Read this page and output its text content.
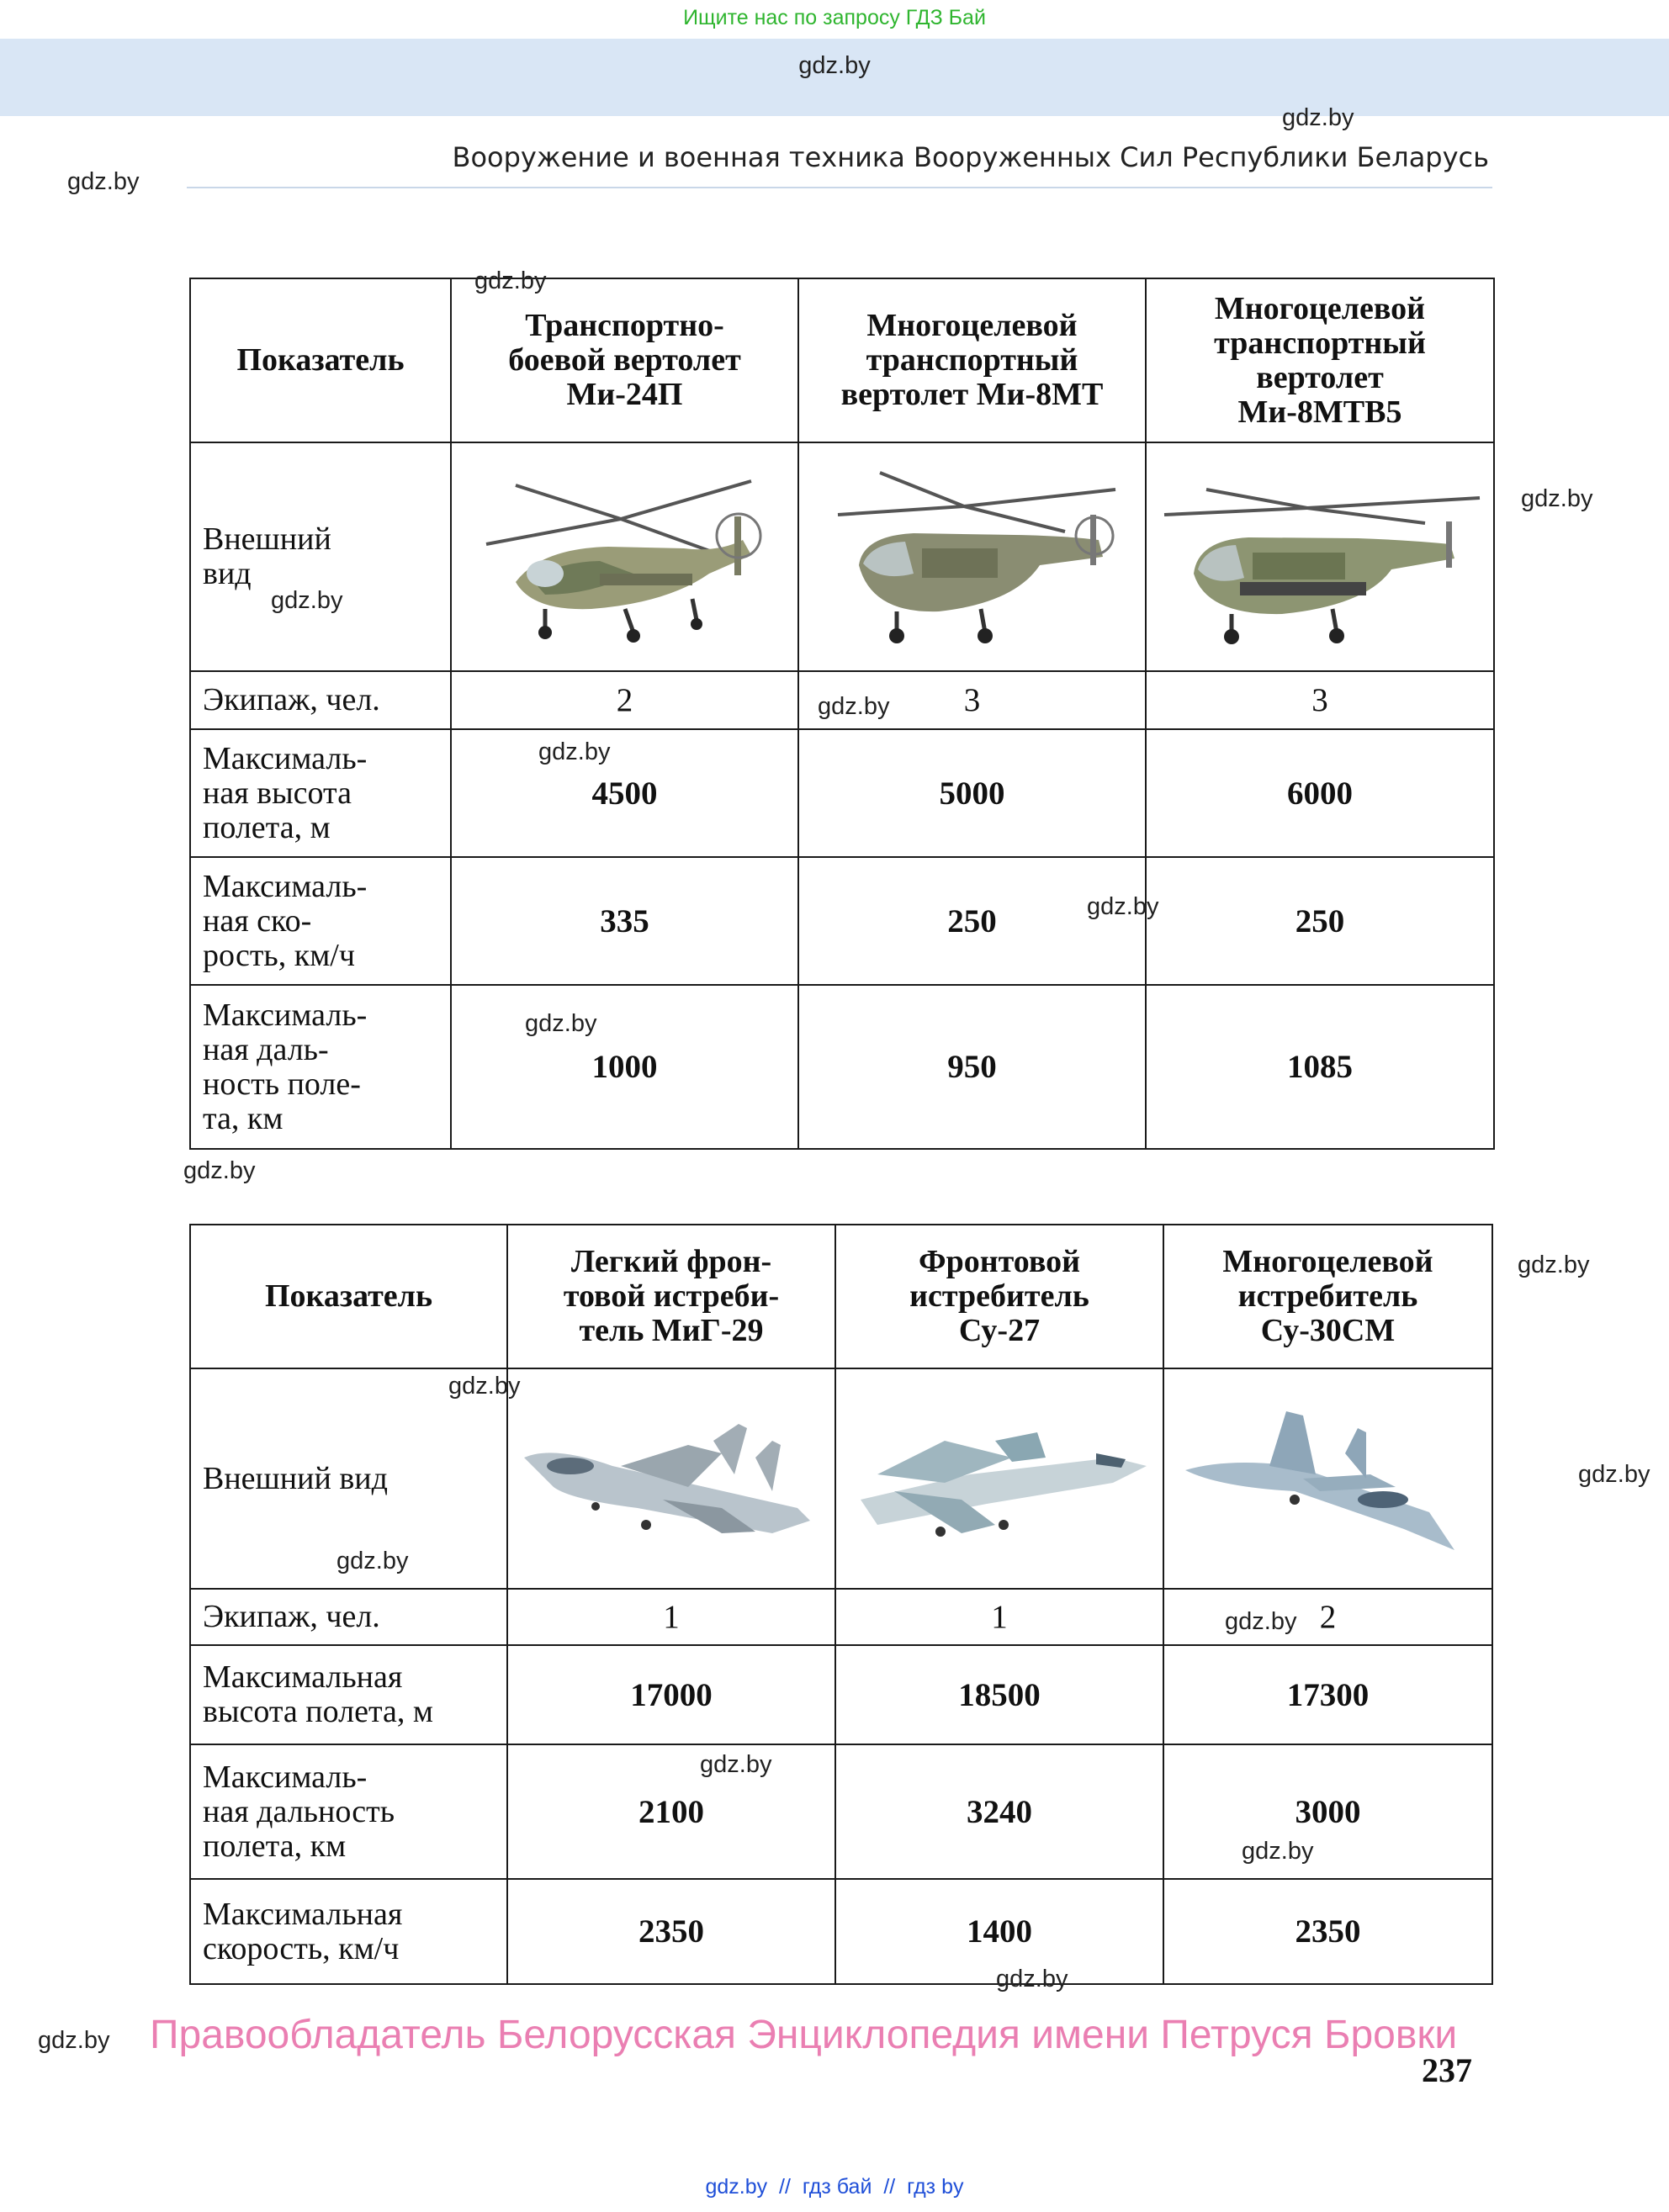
Ищите нас по запросу ГДЗ Бай
gdz.by
gdz.by
gdz.by
Вооружение и военная техника Вооруженных Сил Республики Беларусь
Показатель	Транспортно-
боевой вертолет
Ми-24П	Многоцелевой
транспортный
вертолет Ми-8МТ	Многоцелевой
транспортный
вертолет
Ми-8МТВ5
Внешний
вид	

Экипаж, чел.	2	3	3
Максималь-
ная высота
полета, м	4500	5000	6000
Максималь-
ная ско-
рость, км/ч	335	250	250
Максималь-
ная даль-
ность поле-
та, км	1000	950	1085
gdz.by
gdz.by
gdz.by
gdz.by
gdz.by
gdz.by
gdz.by
gdz.by
Показатель	Легкий фрон-
товой истреби-
тель МиГ-29	Фронтовой
истребитель
Су-27	Многоцелевой
истребитель
Су-30СМ
Внешний вид	

Экипаж, чел.	1	1	2
Максимальная
высота полета, м	17000	18500	17300
Максималь-
ная дальность
полета, км	2100	3240	3000
Максимальная
скорость, км/ч	2350	1400	2350
gdz.by
gdz.by
gdz.by
gdz.by
gdz.by
gdz.by
gdz.by
gdz.by
gdz.by Правообладатель Белорусская Энциклопедия имени Петруся Бровки
237
gdz.by  //  гдз бай  //  гдз by
